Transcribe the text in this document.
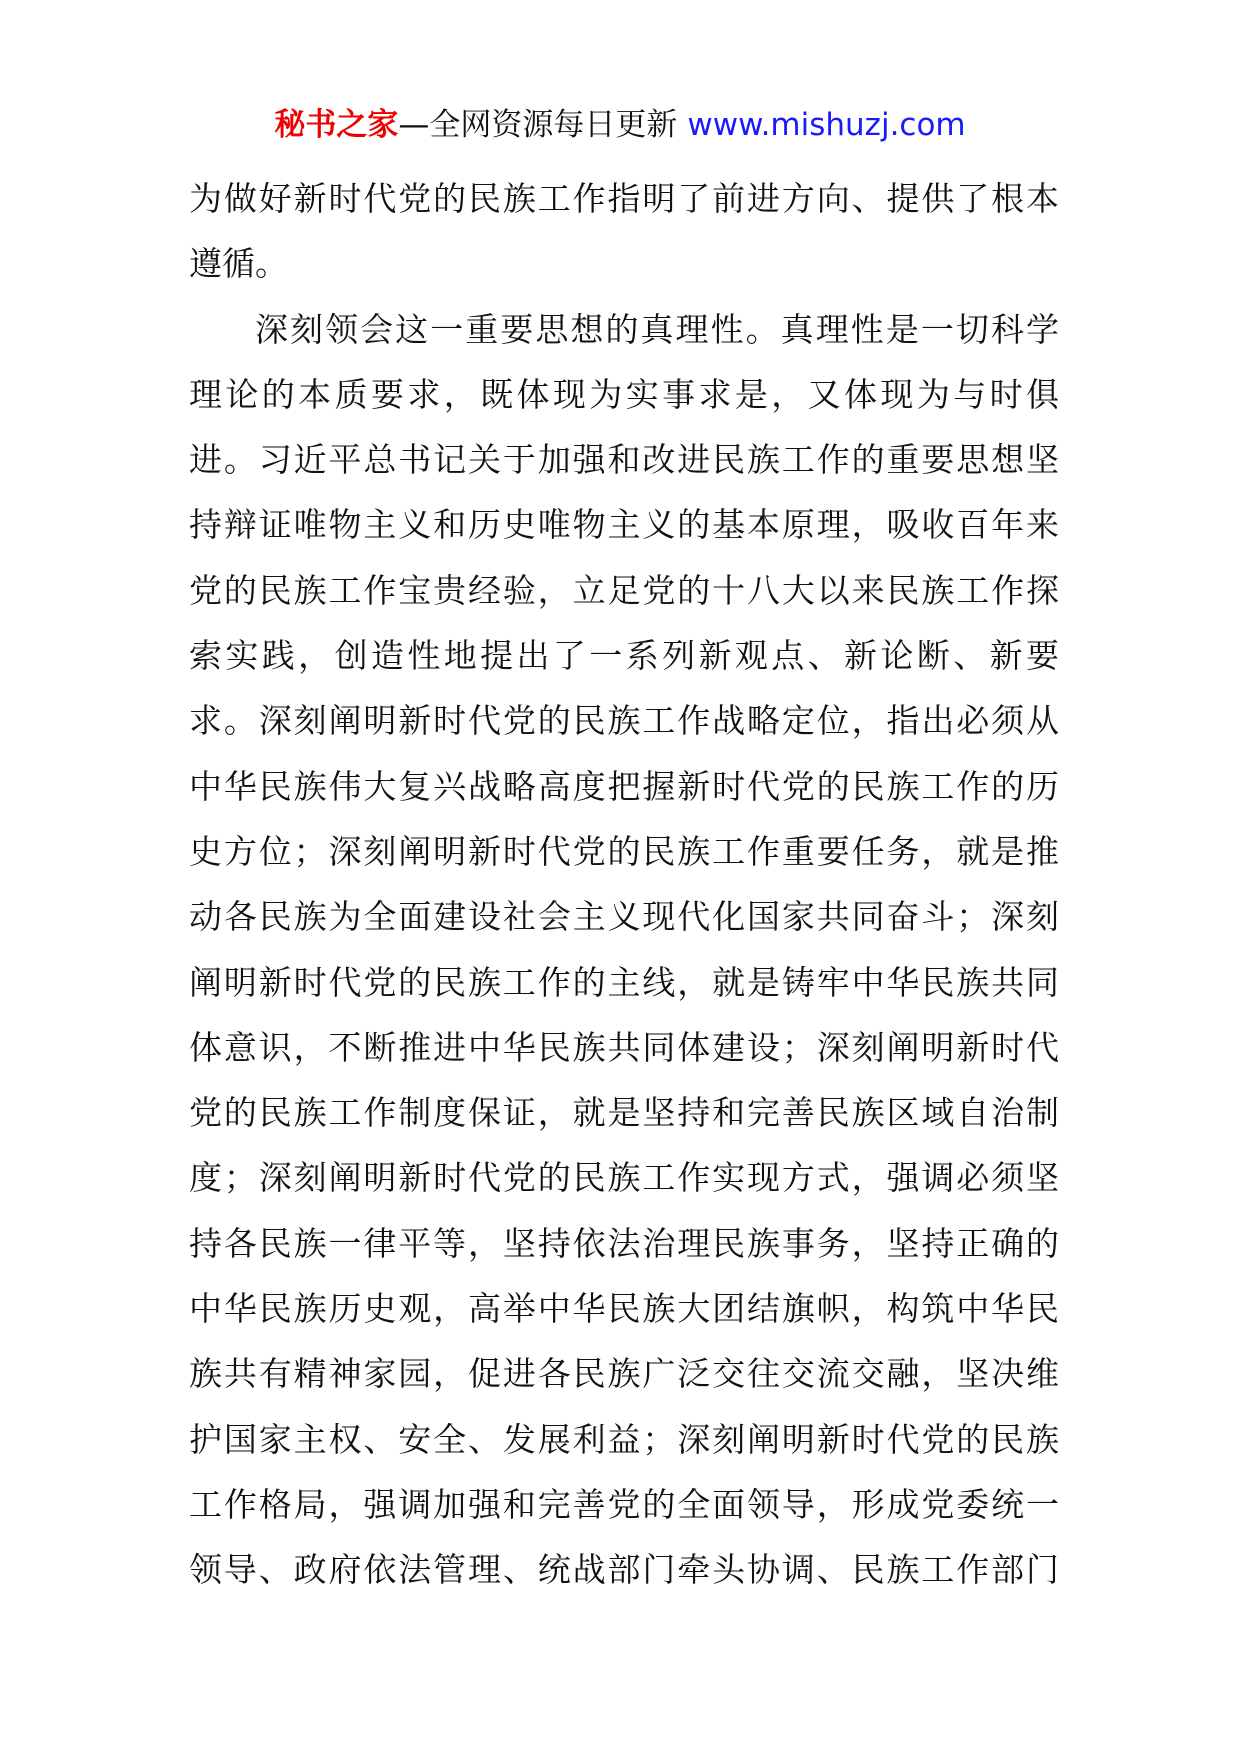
秘书之家—全网资源每日更新 www.mishuzj.com
为做好新时代党的民族工作指明了前进方向、提供了根本
遵循。
深刻领会这一重要思想的真理性。真理性是一切科学
理论的本质要求，既体现为实事求是，又体现为与时俱
进。习近平总书记关于加强和改进民族工作的重要思想坚
持辩证唯物主义和历史唯物主义的基本原理，吸收百年来
党的民族工作宝贵经验，立足党的十八大以来民族工作探
索实践，创造性地提出了一系列新观点、新论断、新要
求。深刻阐明新时代党的民族工作战略定位，指出必须从
中华民族伟大复兴战略高度把握新时代党的民族工作的历
史方位；深刻阐明新时代党的民族工作重要任务，就是推
动各民族为全面建设社会主义现代化国家共同奋斗；深刻
阐明新时代党的民族工作的主线，就是铸牢中华民族共同
体意识，不断推进中华民族共同体建设；深刻阐明新时代
党的民族工作制度保证，就是坚持和完善民族区域自治制
度；深刻阐明新时代党的民族工作实现方式，强调必须坚
持各民族一律平等，坚持依法治理民族事务，坚持正确的
中华民族历史观，高举中华民族大团结旗帜，构筑中华民
族共有精神家园，促进各民族广泛交往交流交融，坚决维
护国家主权、安全、发展利益；深刻阐明新时代党的民族
工作格局，强调加强和完善党的全面领导，形成党委统一
领导、政府依法管理、统战部门牵头协调、民族工作部门
